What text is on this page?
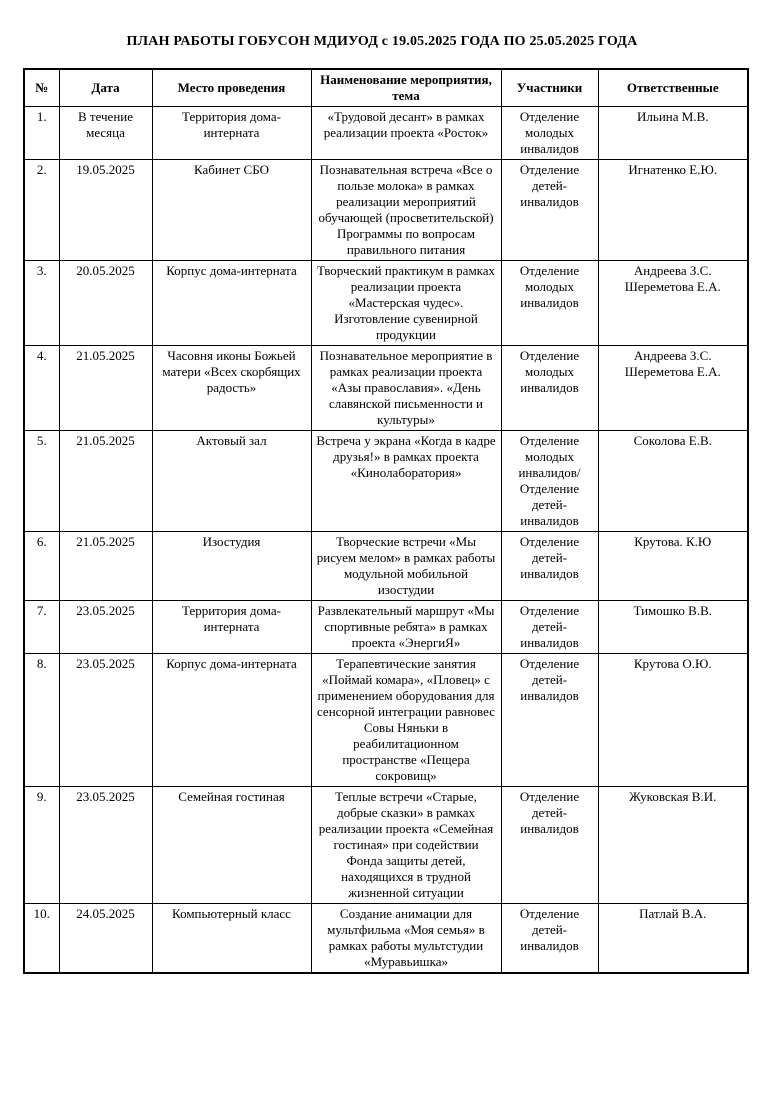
ПЛАН РАБОТЫ ГОБУСОН МДИУОД с 19.05.2025 ГОДА ПО 25.05.2025 ГОДА
№	Дата	Место проведения	Наименование мероприятия, тема	Участники	Ответственные
1.	В течение месяца	Территория дома-интерната	«Трудовой десант» в рамках реализации проекта «Росток»	Отделение молодых инвалидов	Ильина М.В.
2.	19.05.2025	Кабинет СБО	Познавательная встреча «Все о пользе молока» в рамках реализации мероприятий обучающей (просветительской) Программы по вопросам правильного питания	Отделение детей-инвалидов	Игнатенко Е.Ю.
3.	20.05.2025	Корпус дома-интерната	Творческий практикум в рамках реализации проекта «Мастерская чудес». Изготовление сувенирной продукции	Отделение молодых инвалидов	Андреева З.С. Шереметова Е.А.
4.	21.05.2025	Часовня иконы Божьей матери «Всех скорбящих радость»	Познавательное мероприятие в рамках реализации проекта «Азы православия». «День славянской письменности и культуры»	Отделение молодых инвалидов	Андреева З.С. Шереметова Е.А.
5.	21.05.2025	Актовый зал	Встреча у экрана «Когда в кадре друзья!» в рамках проекта «Кинолаборатория»	Отделение молодых инвалидов/ Отделение детей-инвалидов	Соколова Е.В.
6.	21.05.2025	Изостудия	Творческие встречи «Мы рисуем мелом» в рамках работы модульной мобильной изостудии	Отделение детей-инвалидов	Крутова. К.Ю
7.	23.05.2025	Территория дома-интерната	Развлекательный маршрут «Мы спортивные ребята» в рамках проекта «ЭнергиЯ»	Отделение детей-инвалидов	Тимошко В.В.
8.	23.05.2025	Корпус дома-интерната	Терапевтические занятия «Поймай комара», «Пловец» с применением оборудования для сенсорной интеграции равновес Совы Няньки в реабилитационном пространстве «Пещера сокровищ»	Отделение детей-инвалидов	Крутова О.Ю.
9.	23.05.2025	Семейная гостиная	Теплые встречи «Старые, добрые сказки» в рамках реализации проекта «Семейная гостиная» при содействии Фонда защиты детей, находящихся в трудной жизненной ситуации	Отделение детей-инвалидов	Жуковская В.И.
10.	24.05.2025	Компьютерный класс	Создание анимации для мультфильма «Моя семья» в рамках работы мультстудии «Муравьишка»	Отделение детей-инвалидов	Патлай В.А.
